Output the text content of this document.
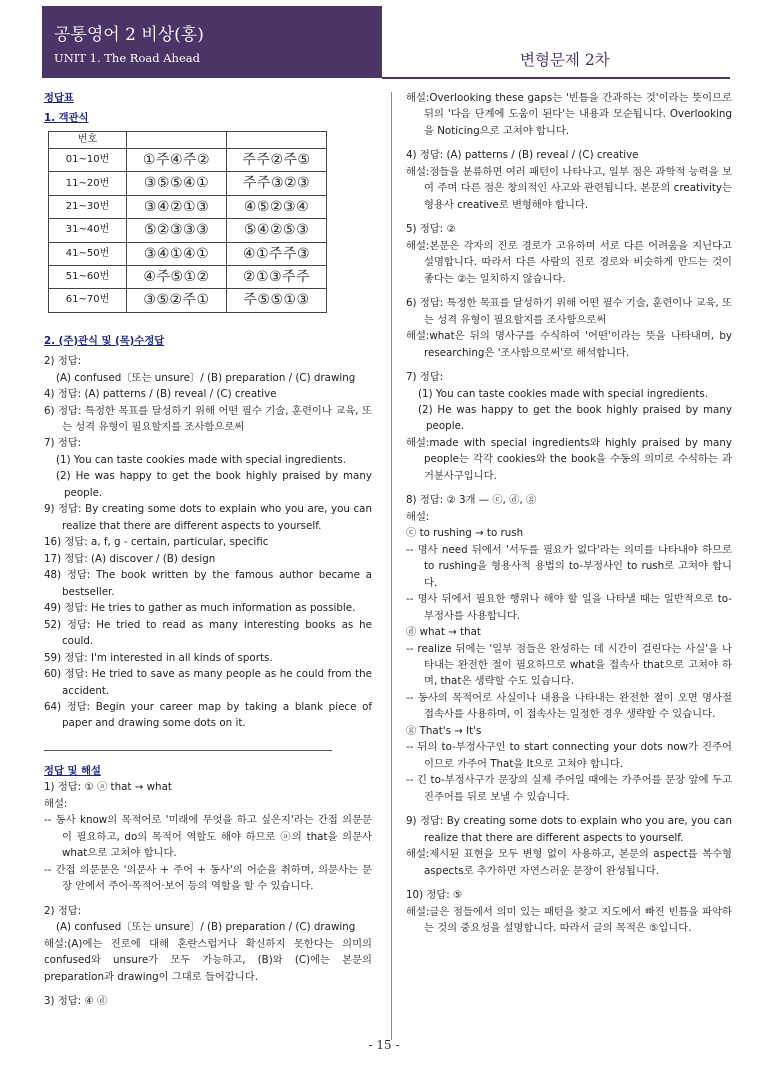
공통영어 2 비상(홍)
UNIT 1. The Road Ahead	변형문제 2차
정답표
1. 객관식
번호		
01~10번	①주④주②	주주②주⑤
11~20번	③⑤⑤④①	주주③②③
21~30번	③④②①③	④⑤②③④
31~40번	⑤②③③③	⑤④②⑤③
41~50번	③④①④①	④①주주③
51~60번	④주⑤①②	②①③주주
61~70번	③⑤②주①	주⑤⑤①③
2. (주)관식 및 (목)수정답
2) 정답:
(A) confused〔또는 unsure〕/ (B) preparation / (C) drawing
4) 정답: (A) patterns / (B) reveal / (C) creative
6) 정답: 특정한 목표를 달성하기 위해 어떤 필수 기술, 훈련이나 교육, 또는 성격 유형이 필요할지를 조사함으로써
7) 정답:
(1) You can taste cookies made with special ingredients.
(2) He was happy to get the book highly praised by many people.
9) 정답: By creating some dots to explain who you are, you can realize that there are different aspects to yourself.
16) 정답: a, f, g - certain, particular, specific
17) 정답: (A) discover / (B) design
48) 정답: The book written by the famous author became a bestseller.
49) 정답: He tries to gather as much information as possible.
52) 정답: He tried to read as many interesting books as he could.
59) 정답: I'm interested in all kinds of sports.
60) 정답: He tried to save as many people as he could from the accident.
64) 정답: Begin your career map by taking a blank piece of paper and drawing some dots on it.
정답 및 해설
1) 정답: ① ⓐ that → what
해설:
-- 동사 know의 목적어로 '미래에 무엇을 하고 싶은지'라는 간접 의문문이 필요하고, do의 목적어 역할도 해야 하므로 ⓐ의 that을 의문사 what으로 고쳐야 합니다.
-- 간접 의문문은 '의문사 + 주어 + 동사'의 어순을 취하며, 의문사는 문장 안에서 주어·목적어·보어 등의 역할을 할 수 있습니다.
2) 정답:
(A) confused〔또는 unsure〕/ (B) preparation / (C) drawing
해설:(A)에는 진로에 대해 혼란스럽거나 확신하지 못한다는 의미의 confused와 unsure가 모두 가능하고, (B)와 (C)에는 본문의 preparation과 drawing이 그대로 들어갑니다.
3) 정답: ④ ⓓ
해설:Overlooking these gaps는 '빈틈을 간과하는 것'이라는 뜻이므로 뒤의 '다음 단계에 도움이 된다'는 내용과 모순됩니다. Overlooking을 Noticing으로 고쳐야 합니다.
4) 정답: (A) patterns / (B) reveal / (C) creative
해설:점들을 분류하면 여러 패턴이 나타나고, 일부 점은 과학적 능력을 보여 주며 다른 점은 창의적인 사고와 관련됩니다. 본문의 creativity는 형용사 creative로 변형해야 합니다.
5) 정답: ②
해설:본문은 각자의 진로 경로가 고유하며 서로 다른 어려움을 지닌다고 설명합니다. 따라서 다른 사람의 진로 경로와 비슷하게 만드는 것이 좋다는 ②는 일치하지 않습니다.
6) 정답: 특정한 목표를 달성하기 위해 어떤 필수 기술, 훈련이나 교육, 또는 성격 유형이 필요할지를 조사함으로써
해설:what은 뒤의 명사구를 수식하여 '어떤'이라는 뜻을 나타내며, by researching은 '조사함으로써'로 해석합니다.
7) 정답:
(1) You can taste cookies made with special ingredients.
(2) He was happy to get the book highly praised by many people.
해설:made with special ingredients와 highly praised by many people는 각각 cookies와 the book을 수동의 의미로 수식하는 과거분사구입니다.
8) 정답: ② 3개 — ⓒ, ⓓ, ⓖ
해설:
ⓒ to rushing → to rush
-- 명사 need 뒤에서 '서두를 필요가 없다'라는 의미를 나타내야 하므로 to rushing을 형용사적 용법의 to-부정사인 to rush로 고쳐야 합니다.
-- 명사 뒤에서 필요한 행위나 해야 할 일을 나타낼 때는 일반적으로 to-부정사를 사용합니다.
ⓓ what → that
-- realize 뒤에는 '일부 점들은 완성하는 데 시간이 걸린다는 사실'을 나타내는 완전한 절이 필요하므로 what을 접속사 that으로 고쳐야 하며, that은 생략할 수도 있습니다.
-- 동사의 목적어로 사실이나 내용을 나타내는 완전한 절이 오면 명사절 접속사를 사용하며, 이 접속사는 일정한 경우 생략할 수 있습니다.
ⓖ That's → It's
-- 뒤의 to-부정사구인 to start connecting your dots now가 진주어이므로 가주어 That을 It으로 고쳐야 합니다.
-- 긴 to-부정사구가 문장의 실제 주어일 때에는 가주어를 문장 앞에 두고 진주어를 뒤로 보낼 수 있습니다.
9) 정답: By creating some dots to explain who you are, you can realize that there are different aspects to yourself.
해설:제시된 표현을 모두 변형 없이 사용하고, 본문의 aspect를 복수형 aspects로 추가하면 자연스러운 문장이 완성됩니다.
10) 정답: ⑤
해설:글은 점들에서 의미 있는 패턴을 찾고 지도에서 빠진 빈틈을 파악하는 것의 중요성을 설명합니다. 따라서 글의 목적은 ⑤입니다.
- 15 -
